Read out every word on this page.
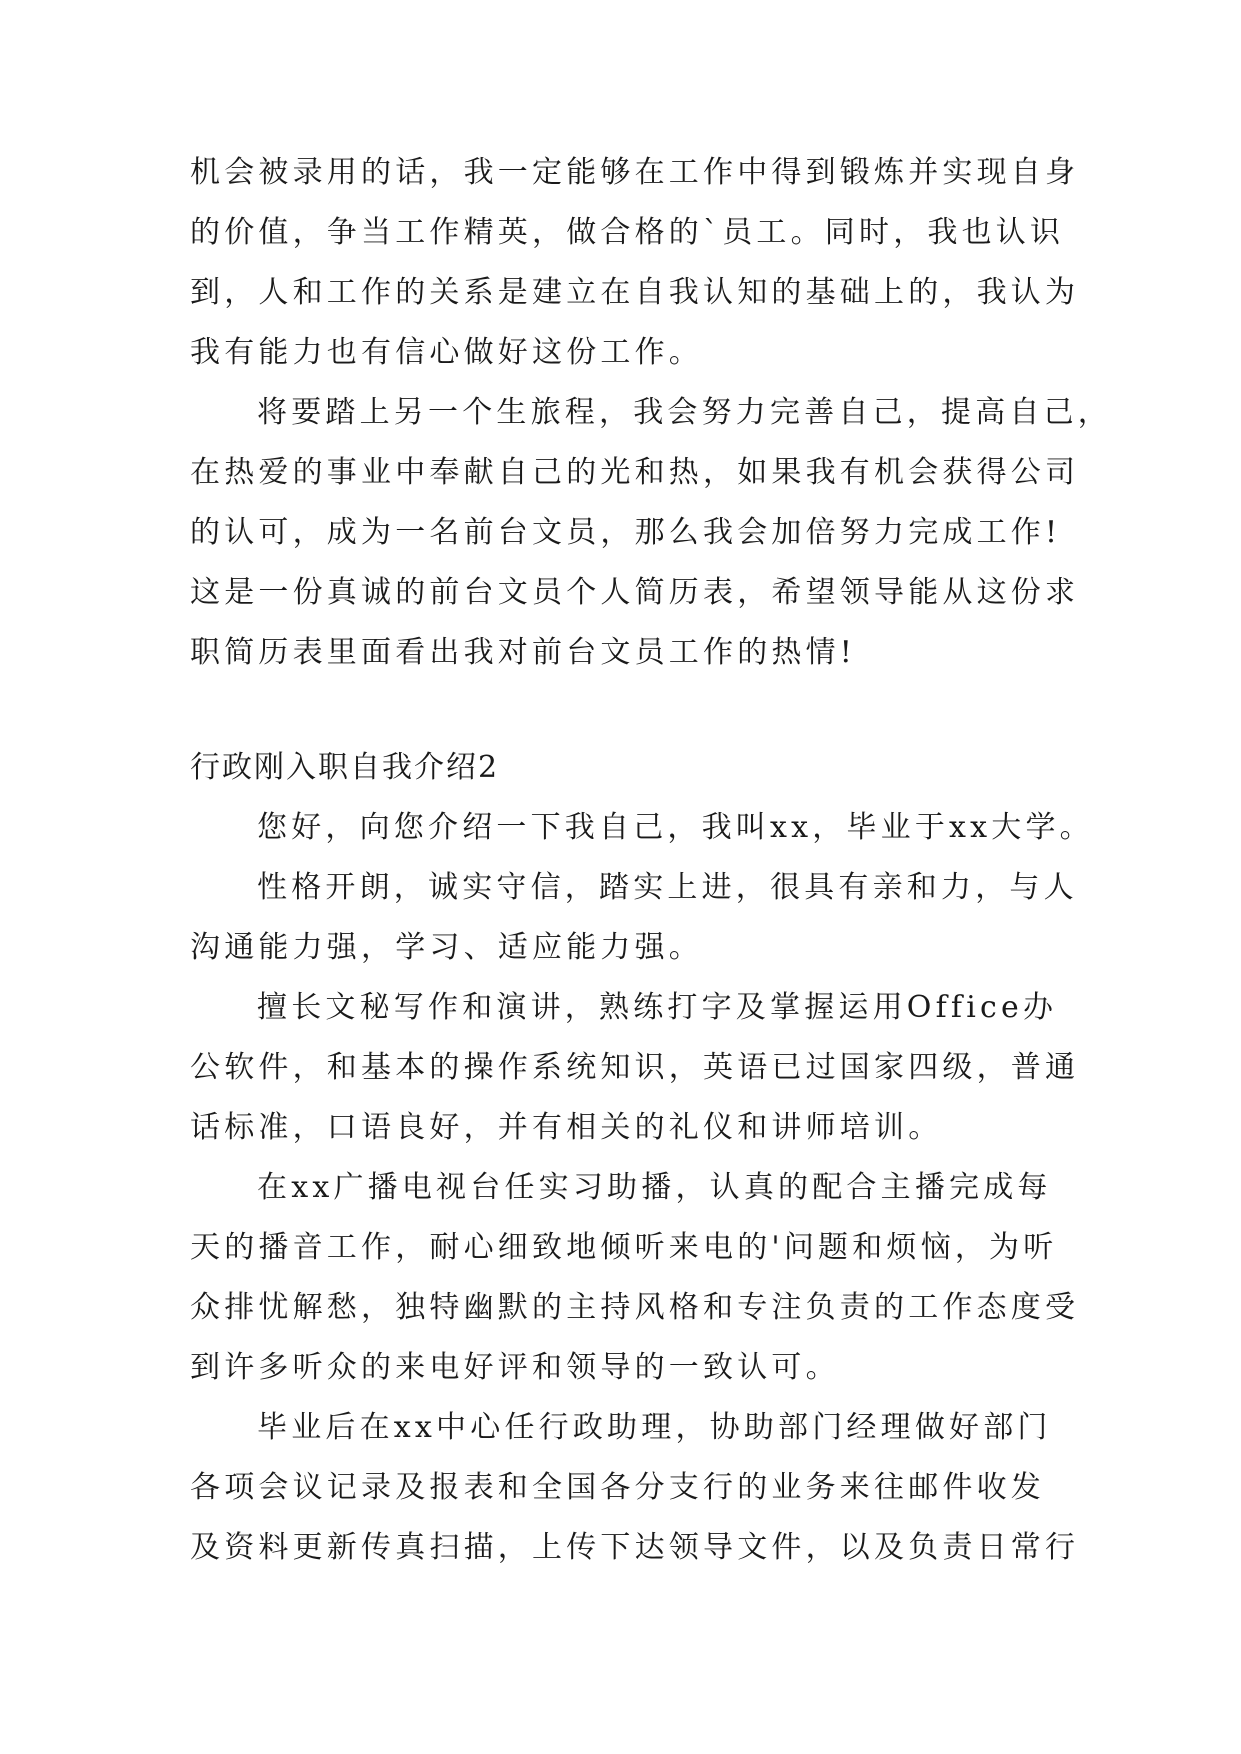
机会被录用的话，我一定能够在工作中得到锻炼并实现自身
的价值，争当工作精英，做合格的`员工。同时，我也认识
到，人和工作的关系是建立在自我认知的基础上的，我认为
我有能力也有信心做好这份工作。
将要踏上另一个生旅程，我会努力完善自己，提高自己，
在热爱的事业中奉献自己的光和热，如果我有机会获得公司
的认可，成为一名前台文员，那么我会加倍努力完成工作!
这是一份真诚的前台文员个人简历表，希望领导能从这份求
职简历表里面看出我对前台文员工作的热情!
行政刚入职自我介绍2
您好，向您介绍一下我自己，我叫xx，毕业于xx大学。
性格开朗，诚实守信，踏实上进，很具有亲和力，与人
沟通能力强，学习、适应能力强。
擅长文秘写作和演讲，熟练打字及掌握运用Office办
公软件，和基本的操作系统知识，英语已过国家四级，普通
话标准，口语良好，并有相关的礼仪和讲师培训。
在xx广播电视台任实习助播，认真的配合主播完成每
天的播音工作，耐心细致地倾听来电的'问题和烦恼，为听
众排忧解愁，独特幽默的主持风格和专注负责的工作态度受
到许多听众的来电好评和领导的一致认可。
毕业后在xx中心任行政助理，协助部门经理做好部门
各项会议记录及报表和全国各分支行的业务来往邮件收发
及资料更新传真扫描，上传下达领导文件，以及负责日常行
